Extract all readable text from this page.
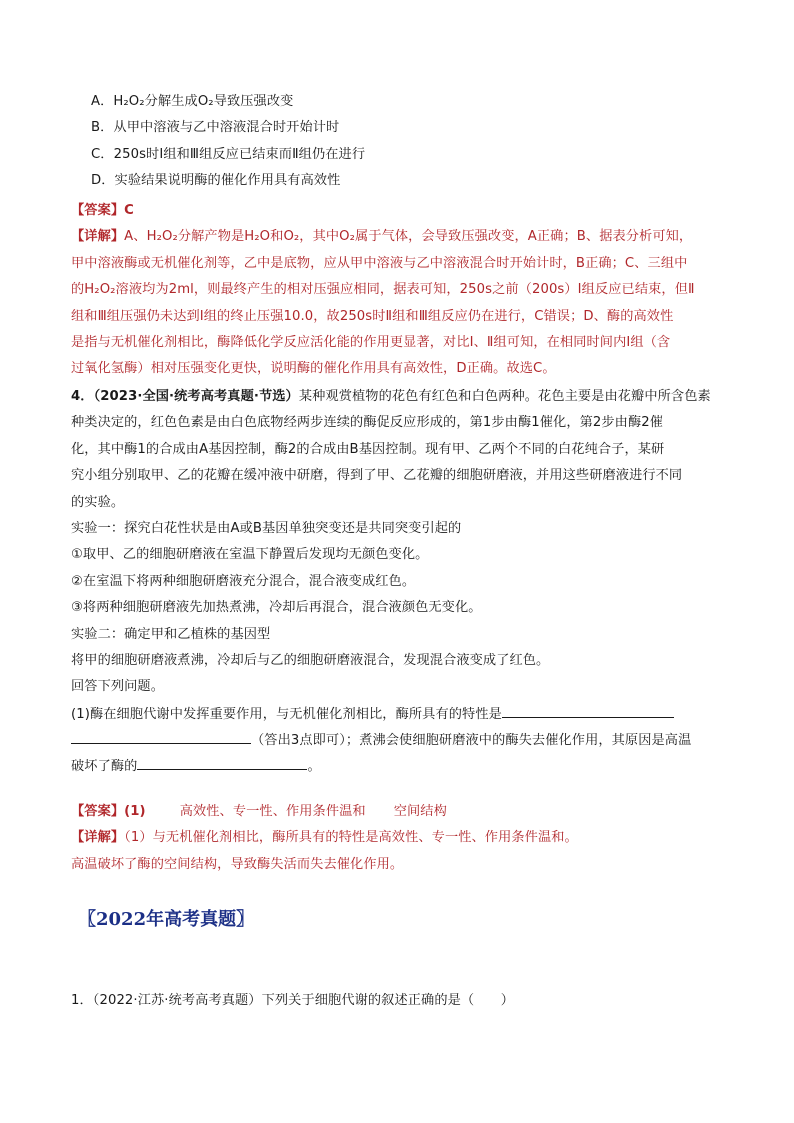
A．H₂O₂分解生成O₂导致压强改变
B．从甲中溶液与乙中溶液混合时开始计时
C．250s时Ⅰ组和Ⅲ组反应已结束而Ⅱ组仍在进行
D．实验结果说明酶的催化作用具有高效性
【答案】C
【详解】A、H₂O₂分解产物是H₂O和O₂，其中O₂属于气体，会导致压强改变，A正确；B、据表分析可知，
甲中溶液酶或无机催化剂等，乙中是底物，应从甲中溶液与乙中溶液混合时开始计时，B正确；C、三组中
的H₂O₂溶液均为2ml，则最终产生的相对压强应相同，据表可知，250s之前（200s）Ⅰ组反应已结束，但Ⅱ
组和Ⅲ组压强仍未达到Ⅰ组的终止压强10.0，故250s时Ⅱ组和Ⅲ组反应仍在进行，C错误；D、酶的高效性
是指与无机催化剂相比，酶降低化学反应活化能的作用更显著，对比Ⅰ、Ⅱ组可知，在相同时间内Ⅰ组（含
过氧化氢酶）相对压强变化更快，说明酶的催化作用具有高效性，D正确。故选C。
4．（2023·全国·统考高考真题·节选）某种观赏植物的花色有红色和白色两种。花色主要是由花瓣中所含色素
种类决定的，红色色素是由白色底物经两步连续的酶促反应形成的，第1步由酶1催化，第2步由酶2催
化，其中酶1的合成由A基因控制，酶2的合成由B基因控制。现有甲、乙两个不同的白花纯合子，某研
究小组分别取甲、乙的花瓣在缓冲液中研磨，得到了甲、乙花瓣的细胞研磨液，并用这些研磨液进行不同
的实验。
实验一：探究白花性状是由A或B基因单独突变还是共同突变引起的
①取甲、乙的细胞研磨液在室温下静置后发现均无颜色变化。
②在室温下将两种细胞研磨液充分混合，混合液变成红色。
③将两种细胞研磨液先加热煮沸，冷却后再混合，混合液颜色无变化。
实验二：确定甲和乙植株的基因型
将甲的细胞研磨液煮沸，冷却后与乙的细胞研磨液混合，发现混合液变成了红色。
回答下列问题。
(1)酶在细胞代谢中发挥重要作用，与无机催化剂相比，酶所具有的特性是
（答出3点即可）；煮沸会使细胞研磨液中的酶失去催化作用，其原因是高温
破坏了酶的	。
【答案】(1)	高效性、专一性、作用条件温和 空间结构
【详解】（1）与无机催化剂相比，酶所具有的特性是高效性、专一性、作用条件温和。
高温破坏了酶的空间结构，导致酶失活而失去催化作用。
〖2022年高考真题〗
1．（2022·江苏·统考高考真题）下列关于细胞代谢的叙述正确的是（　　）
